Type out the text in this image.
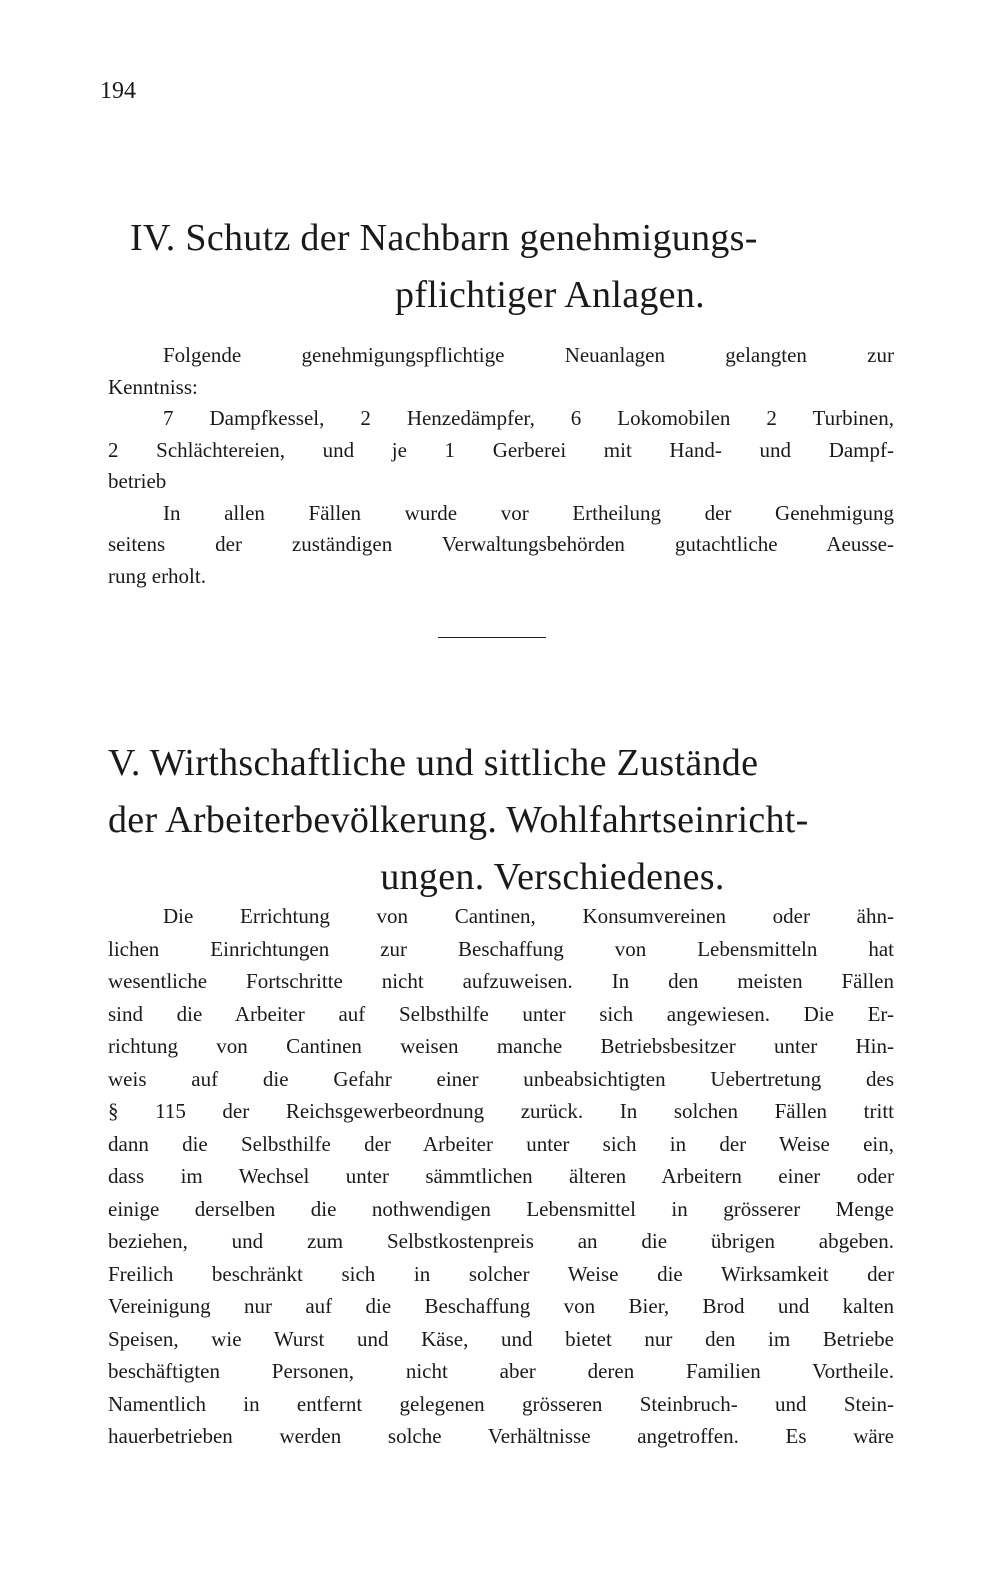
194
IV. Schutz der Nachbarn genehmigungs-
pflichtiger Anlagen.
Folgende genehmigungspflichtige Neuanlagen gelangten zur
Kenntniss:
7 Dampfkessel, 2 Henzedämpfer, 6 Lokomobilen 2 Turbinen,
2 Schlächtereien, und je 1 Gerberei mit Hand- und Dampf-
betrieb
In allen Fällen wurde vor Ertheilung der Genehmigung
seitens der zuständigen Verwaltungsbehörden gutachtliche Aeusse-
rung erholt.
V. Wirthschaftliche und sittliche Zustände
der Arbeiterbevölkerung. Wohlfahrtseinricht-
ungen. Verschiedenes.
Die Errichtung von Cantinen, Konsumvereinen oder ähn-
lichen Einrichtungen zur Beschaffung von Lebensmitteln hat
wesentliche Fortschritte nicht aufzuweisen. In den meisten Fällen
sind die Arbeiter auf Selbsthilfe unter sich angewiesen. Die Er-
richtung von Cantinen weisen manche Betriebsbesitzer unter Hin-
weis auf die Gefahr einer unbeabsichtigten Uebertretung des
§ 115 der Reichsgewerbeordnung zurück. In solchen Fällen tritt
dann die Selbsthilfe der Arbeiter unter sich in der Weise ein,
dass im Wechsel unter sämmtlichen älteren Arbeitern einer oder
einige derselben die nothwendigen Lebensmittel in grösserer Menge
beziehen, und zum Selbstkostenpreis an die übrigen abgeben.
Freilich beschränkt sich in solcher Weise die Wirksamkeit der
Vereinigung nur auf die Beschaffung von Bier, Brod und kalten
Speisen, wie Wurst und Käse, und bietet nur den im Betriebe
beschäftigten Personen, nicht aber deren Familien Vortheile.
Namentlich in entfernt gelegenen grösseren Steinbruch- und Stein-
hauerbetrieben werden solche Verhältnisse angetroffen. Es wäre
